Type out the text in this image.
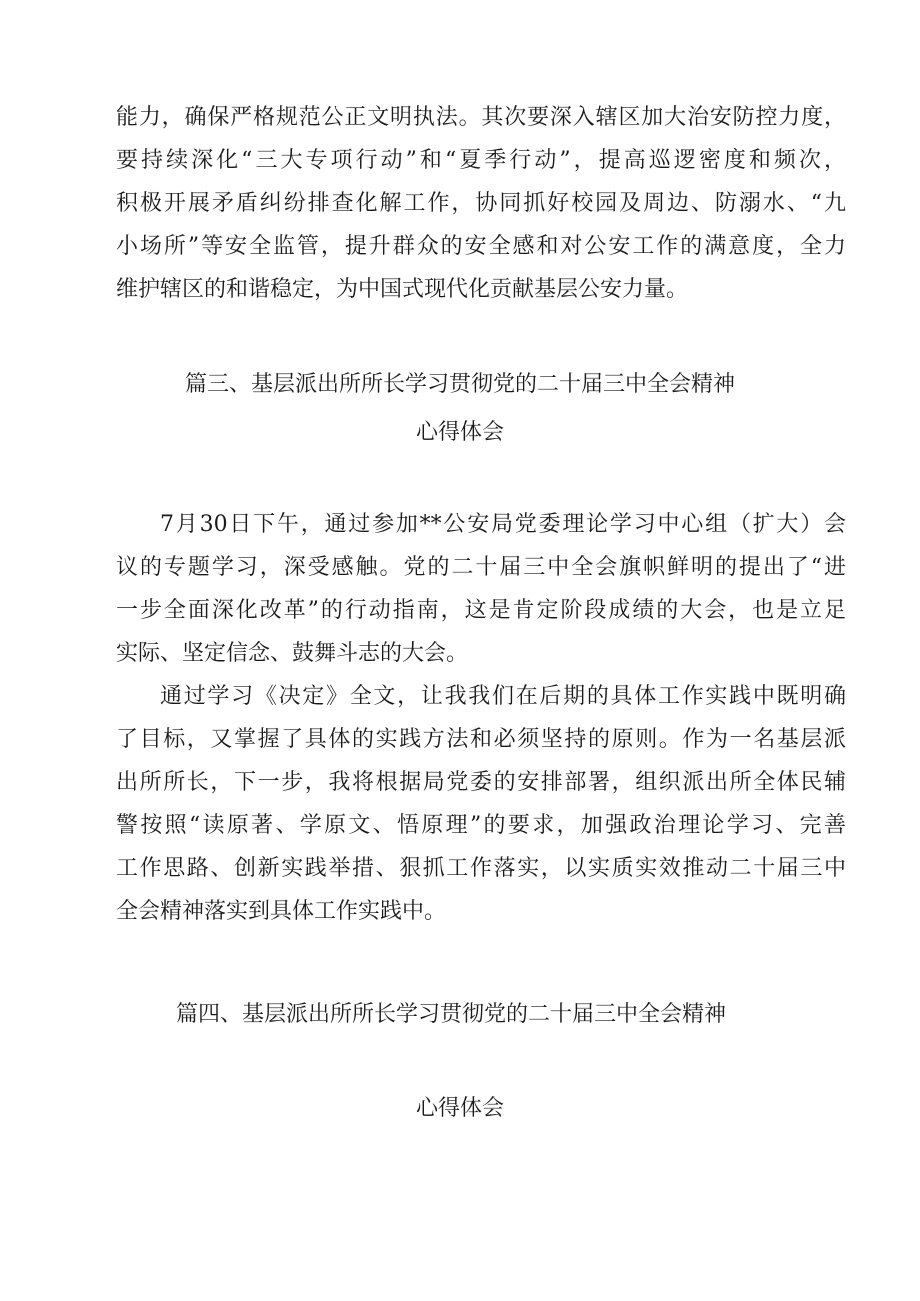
能力，确保严格规范公正文明执法。其次要深入辖区加大治安防控力度，
要持续深化“三大专项行动”和“夏季行动”，提高巡逻密度和频次，
积极开展矛盾纠纷排查化解工作，协同抓好校园及周边、防溺水、“九
小场所”等安全监管，提升群众的安全感和对公安工作的满意度，全力
维护辖区的和谐稳定，为中国式现代化贡献基层公安力量。
篇三、基层派出所所长学习贯彻党的二十届三中全会精神
心得体会
7月30日下午，通过参加**公安局党委理论学习中心组（扩大）会
议的专题学习，深受感触。党的二十届三中全会旗帜鲜明的提出了“进
一步全面深化改革”的行动指南，这是肯定阶段成绩的大会，也是立足
实际、坚定信念、鼓舞斗志的大会。
通过学习《决定》全文，让我我们在后期的具体工作实践中既明确
了目标，又掌握了具体的实践方法和必须坚持的原则。作为一名基层派
出所所长，下一步，我将根据局党委的安排部署，组织派出所全体民辅
警按照“读原著、学原文、悟原理”的要求，加强政治理论学习、完善
工作思路、创新实践举措、狠抓工作落实，以实质实效推动二十届三中
全会精神落实到具体工作实践中。
篇四、基层派出所所长学习贯彻党的二十届三中全会精神
心得体会
